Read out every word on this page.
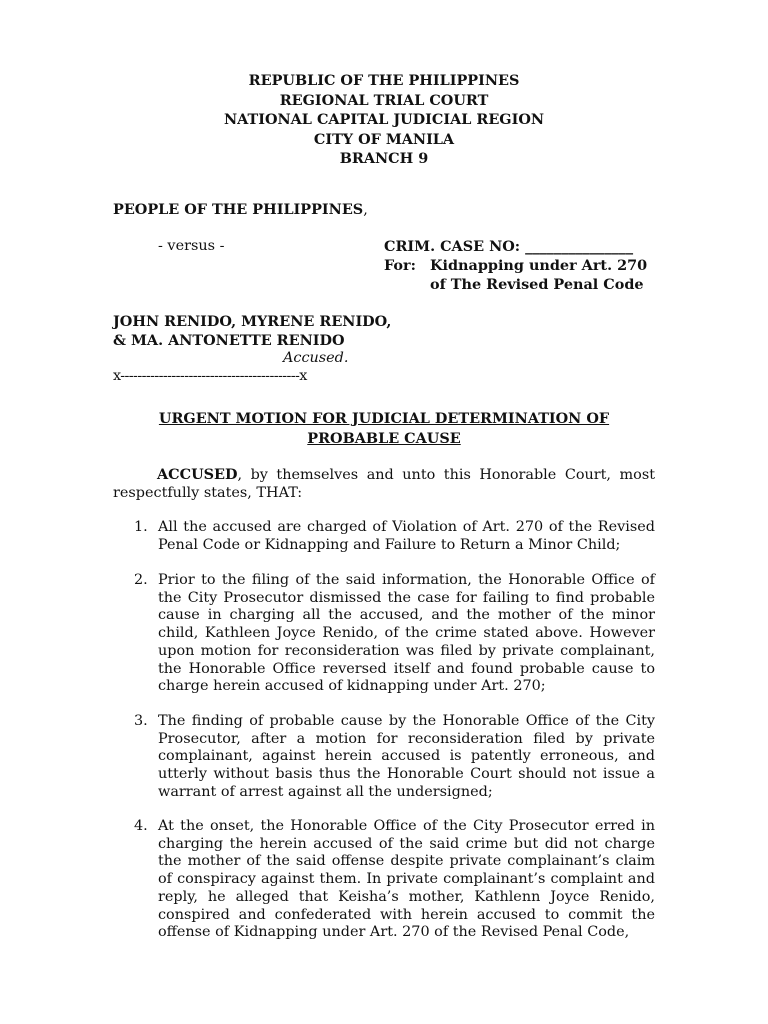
REPUBLIC OF THE PHILIPPINES
REGIONAL TRIAL COURT
NATIONAL CAPITAL JUDICIAL REGION
CITY OF MANILA
BRANCH 9
PEOPLE OF THE PHILIPPINES,
- versus -	CRIM. CASE NO: _______________
For: Kidnapping under Art. 270
of The Revised Penal Code
JOHN RENIDO, MYRENE RENIDO,
& MA. ANTONETTE RENIDO
Accused.
x------------------------------------------x
URGENT MOTION FOR JUDICIAL DETERMINATION OF
PROBABLE CAUSE
ACCUSED, by themselves and unto this Honorable Court, most respectfully states, THAT:
1. All the accused are charged of Violation of Art. 270 of the Revised Penal Code or Kidnapping and Failure to Return a Minor Child;
2. Prior to the filing of the said information, the Honorable Office of the City Prosecutor dismissed the case for failing to find probable cause in charging all the accused, and the mother of the minor child, Kathleen Joyce Renido, of the crime stated above. However upon motion for reconsideration was filed by private complainant, the Honorable Office reversed itself and found probable cause to charge herein accused of kidnapping under Art. 270;
3. The finding of probable cause by the Honorable Office of the City Prosecutor, after a motion for reconsideration filed by private complainant, against herein accused is patently erroneous, and utterly without basis thus the Honorable Court should not issue a warrant of arrest against all the undersigned;
4. At the onset, the Honorable Office of the City Prosecutor erred in charging the herein accused of the said crime but did not charge the mother of the said offense despite private complainant’s claim of conspiracy against them. In private complainant’s complaint and reply, he alleged that Keisha’s mother, Kathlenn Joyce Renido, conspired and confederated with herein accused to commit the offense of Kidnapping under Art. 270 of the Revised Penal Code,
